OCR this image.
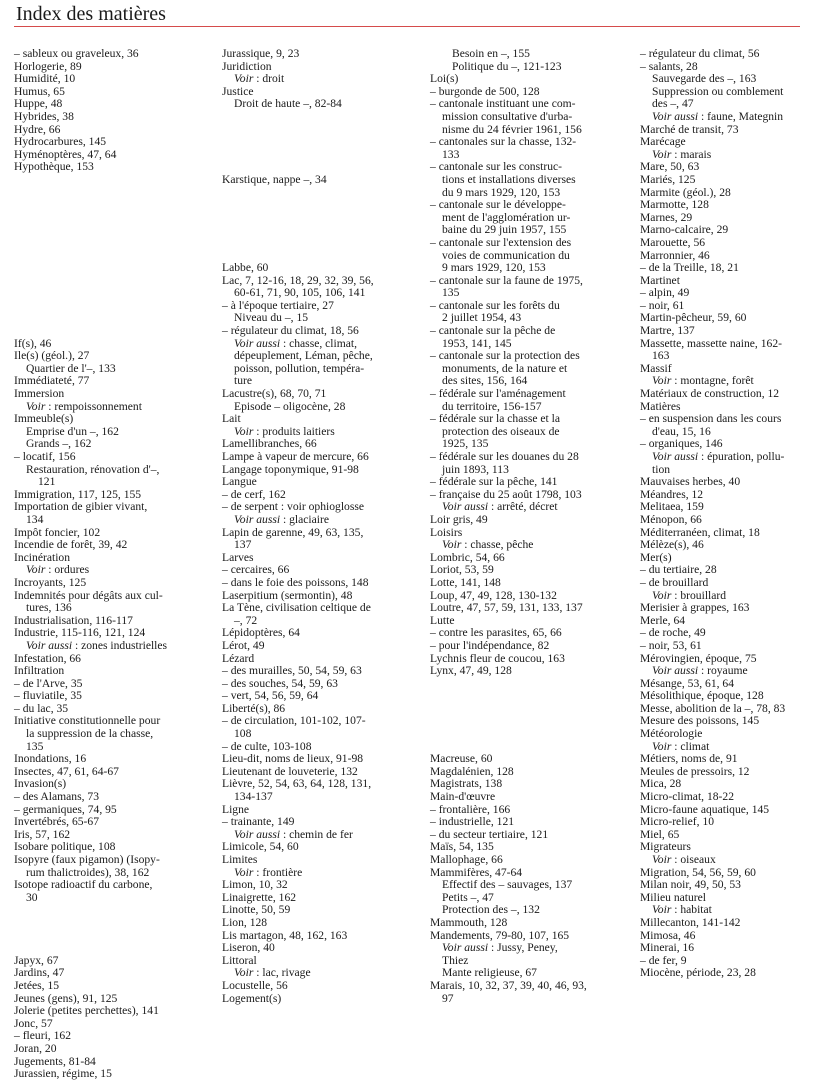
Index des matières
– sableux ou graveleux, 36
Horlogerie, 89
Humidité, 10
Humus, 65
Huppe, 48
Hybrides, 38
Hydre, 66
Hydrocarbures, 145
Hyménoptères, 47, 64
Hypothèque, 153
If(s), 46
Ile(s) (géol.), 27
Quartier de l'–, 133
Immédiateté, 77
Immersion
Voir : rempoissonnement
Immeuble(s)
Emprise d'un –, 162
Grands –, 162
– locatif, 156
Restauration, rénovation d'–,
121
Immigration, 117, 125, 155
Importation de gibier vivant,
134
Impôt foncier, 102
Incendie de forêt, 39, 42
Incinération
Voir : ordures
Incroyants, 125
Indemnités pour dégâts aux cul-
tures, 136
Industrialisation, 116-117
Industrie, 115-116, 121, 124
Voir aussi : zones industrielles
Infestation, 66
Infiltration
– de l'Arve, 35
– fluviatile, 35
– du lac, 35
Initiative constitutionnelle pour
la suppression de la chasse,
135
Inondations, 16
Insectes, 47, 61, 64-67
Invasion(s)
– des Alamans, 73
– germaniques, 74, 95
Invertébrés, 65-67
Iris, 57, 162
Isobare politique, 108
Isopyre (faux pigamon) (Isopy-
rum thalictroides), 38, 162
Isotope radioactif du carbone,
30
Japyx, 67
Jardins, 47
Jetées, 15
Jeunes (gens), 91, 125
Jolerie (petites perchettes), 141
Jonc, 57
– fleuri, 162
Joran, 20
Jugements, 81-84
Jurassien, régime, 15
Jurassique, 9, 23
Juridiction
Voir : droit
Justice
Droit de haute –, 82-84
Karstique, nappe –, 34
Labbe, 60
Lac, 7, 12-16, 18, 29, 32, 39, 56,
60-61, 71, 90, 105, 106, 141
– à l'époque tertiaire, 27
Niveau du –, 15
– régulateur du climat, 18, 56
Voir aussi : chasse, climat,
dépeuplement, Léman, pêche,
poisson, pollution, tempéra-
ture
Lacustre(s), 68, 70, 71
Episode – oligocène, 28
Lait
Voir : produits laitiers
Lamellibranches, 66
Lampe à vapeur de mercure, 66
Langage toponymique, 91-98
Langue
– de cerf, 162
– de serpent : voir ophioglosse
Voir aussi : glaciaire
Lapin de garenne, 49, 63, 135,
137
Larves
– cercaires, 66
– dans le foie des poissons, 148
Laserpitium (sermontin), 48
La Tène, civilisation celtique de
–, 72
Lépidoptères, 64
Lérot, 49
Lézard
– des murailles, 50, 54, 59, 63
– des souches, 54, 59, 63
– vert, 54, 56, 59, 64
Liberté(s), 86
– de circulation, 101-102, 107-
108
– de culte, 103-108
Lieu-dit, noms de lieux, 91-98
Lieutenant de louveterie, 132
Lièvre, 52, 54, 63, 64, 128, 131,
134-137
Ligne
– trainante, 149
Voir aussi : chemin de fer
Limicole, 54, 60
Limites
Voir : frontière
Limon, 10, 32
Linaigrette, 162
Linotte, 50, 59
Lion, 128
Lis martagon, 48, 162, 163
Liseron, 40
Littoral
Voir : lac, rivage
Locustelle, 56
Logement(s)
Besoin en –, 155
Politique du –, 121-123
Loi(s)
– burgonde de 500, 128
– cantonale instituant une com-
mission consultative d'urba-
nisme du 24 février 1961, 156
– cantonales sur la chasse, 132-
133
– cantonale sur les construc-
tions et installations diverses
du 9 mars 1929, 120, 153
– cantonale sur le développe-
ment de l'agglomération ur-
baine du 29 juin 1957, 155
– cantonale sur l'extension des
voies de communication du
9 mars 1929, 120, 153
– cantonale sur la faune de 1975,
135
– cantonale sur les forêts du
2 juillet 1954, 43
– cantonale sur la pêche de
1953, 141, 145
– cantonale sur la protection des
monuments, de la nature et
des sites, 156, 164
– fédérale sur l'aménagement
du territoire, 156-157
– fédérale sur la chasse et la
protection des oiseaux de
1925, 135
– fédérale sur les douanes du 28
juin 1893, 113
– fédérale sur la pêche, 141
– française du 25 août 1798, 103
Voir aussi : arrêté, décret
Loir gris, 49
Loisirs
Voir : chasse, pêche
Lombric, 54, 66
Loriot, 53, 59
Lotte, 141, 148
Loup, 47, 49, 128, 130-132
Loutre, 47, 57, 59, 131, 133, 137
Lutte
– contre les parasites, 65, 66
– pour l'indépendance, 82
Lychnis fleur de coucou, 163
Lynx, 47, 49, 128
Macreuse, 60
Magdalénien, 128
Magistrats, 138
Main-d'œuvre
– frontalière, 166
– industrielle, 121
– du secteur tertiaire, 121
Maïs, 54, 135
Mallophage, 66
Mammifères, 47-64
Effectif des – sauvages, 137
Petits –, 47
Protection des –, 132
Mammouth, 128
Mandements, 79-80, 107, 165
Voir aussi : Jussy, Peney,
Thiez
Mante religieuse, 67
Marais, 10, 32, 37, 39, 40, 46, 93,
97
– régulateur du climat, 56
– salants, 28
Sauvegarde des –, 163
Suppression ou comblement
des –, 47
Voir aussi : faune, Mategnin
Marché de transit, 73
Marécage
Voir : marais
Mare, 50, 63
Mariés, 125
Marmite (géol.), 28
Marmotte, 128
Marnes, 29
Marno-calcaire, 29
Marouette, 56
Marronnier, 46
– de la Treille, 18, 21
Martinet
– alpin, 49
– noir, 61
Martin-pêcheur, 59, 60
Martre, 137
Massette, massette naine, 162-
163
Massif
Voir : montagne, forêt
Matériaux de construction, 12
Matières
– en suspension dans les cours
d'eau, 15, 16
– organiques, 146
Voir aussi : épuration, pollu-
tion
Mauvaises herbes, 40
Méandres, 12
Melitaea, 159
Ménopon, 66
Méditerranéen, climat, 18
Mélèze(s), 46
Mer(s)
– du tertiaire, 28
– de brouillard
Voir : brouillard
Merisier à grappes, 163
Merle, 64
– de roche, 49
– noir, 53, 61
Mérovingien, époque, 75
Voir aussi : royaume
Mésange, 53, 61, 64
Mésolithique, époque, 128
Messe, abolition de la –, 78, 83
Mesure des poissons, 145
Météorologie
Voir : climat
Métiers, noms de, 91
Meules de pressoirs, 12
Mica, 28
Micro-climat, 18-22
Micro-faune aquatique, 145
Micro-relief, 10
Miel, 65
Migrateurs
Voir : oiseaux
Migration, 54, 56, 59, 60
Milan noir, 49, 50, 53
Milieu naturel
Voir : habitat
Millecanton, 141-142
Mimosa, 46
Minerai, 16
– de fer, 9
Miocène, période, 23, 28
